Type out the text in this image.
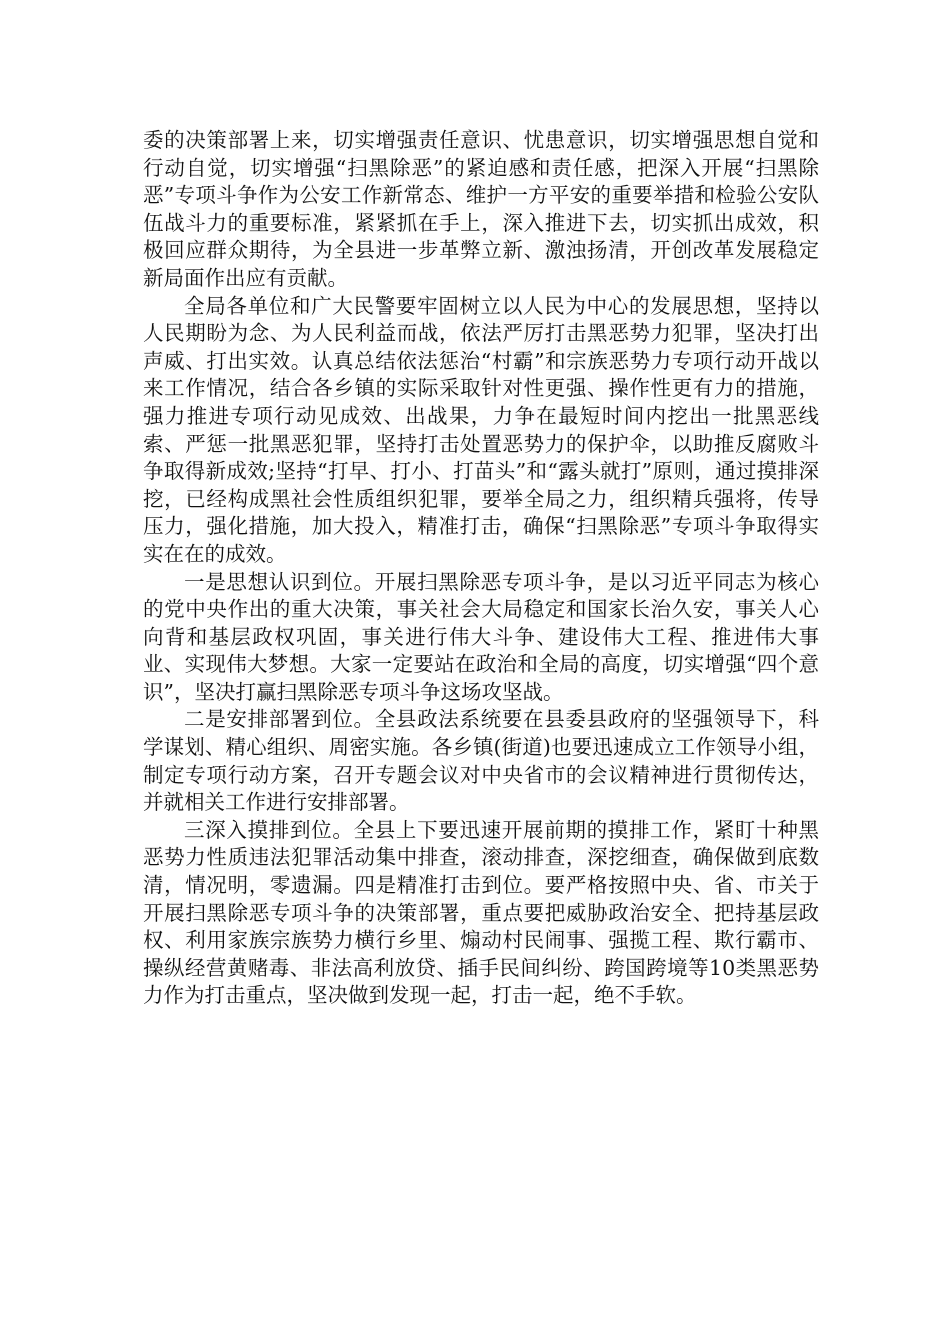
委的决策部署上来，切实增强责任意识、忧患意识，切实增强思想自觉和行动自觉，切实增强“扫黑除恶”的紧迫感和责任感，把深入开展“扫黑除恶”专项斗争作为公安工作新常态、维护一方平安的重要举措和检验公安队伍战斗力的重要标准，紧紧抓在手上，深入推进下去，切实抓出成效，积极回应群众期待，为全县进一步革弊立新、激浊扬清，开创改革发展稳定新局面作出应有贡献。

全局各单位和广大民警要牢固树立以人民为中心的发展思想，坚持以人民期盼为念、为人民利益而战，依法严厉打击黑恶势力犯罪，坚决打出声威、打出实效。认真总结依法惩治“村霸”和宗族恶势力专项行动开战以来工作情况，结合各乡镇的实际采取针对性更强、操作性更有力的措施，强力推进专项行动见成效、出战果，力争在最短时间内挖出一批黑恶线索、严惩一批黑恶犯罪，坚持打击处置恶势力的保护伞，以助推反腐败斗争取得新成效;坚持“打早、打小、打苗头”和“露头就打”原则，通过摸排深挖，已经构成黑社会性质组织犯罪，要举全局之力，组织精兵强将，传导压力，强化措施，加大投入，精准打击，确保“扫黑除恶”专项斗争取得实实在在的成效。

一是思想认识到位。开展扫黑除恶专项斗争，是以习近平同志为核心的党中央作出的重大决策，事关社会大局稳定和国家长治久安，事关人心向背和基层政权巩固，事关进行伟大斗争、建设伟大工程、推进伟大事业、实现伟大梦想。大家一定要站在政治和全局的高度，切实增强“四个意识”，坚决打赢扫黑除恶专项斗争这场攻坚战。

二是安排部署到位。全县政法系统要在县委县政府的坚强领导下，科学谋划、精心组织、周密实施。各乡镇(街道)也要迅速成立工作领导小组，制定专项行动方案，召开专题会议对中央省市的会议精神进行贯彻传达，并就相关工作进行安排部署。

三深入摸排到位。全县上下要迅速开展前期的摸排工作，紧盯十种黑恶势力性质违法犯罪活动集中排查，滚动排查，深挖细查，确保做到底数清，情况明，零遗漏。四是精准打击到位。要严格按照中央、省、市关于开展扫黑除恶专项斗争的决策部署，重点要把威胁政治安全、把持基层政权、利用家族宗族势力横行乡里、煽动村民闹事、强揽工程、欺行霸市、操纵经营黄赌毒、非法高利放贷、插手民间纠纷、跨国跨境等10类黑恶势力作为打击重点，坚决做到发现一起，打击一起，绝不手软。
